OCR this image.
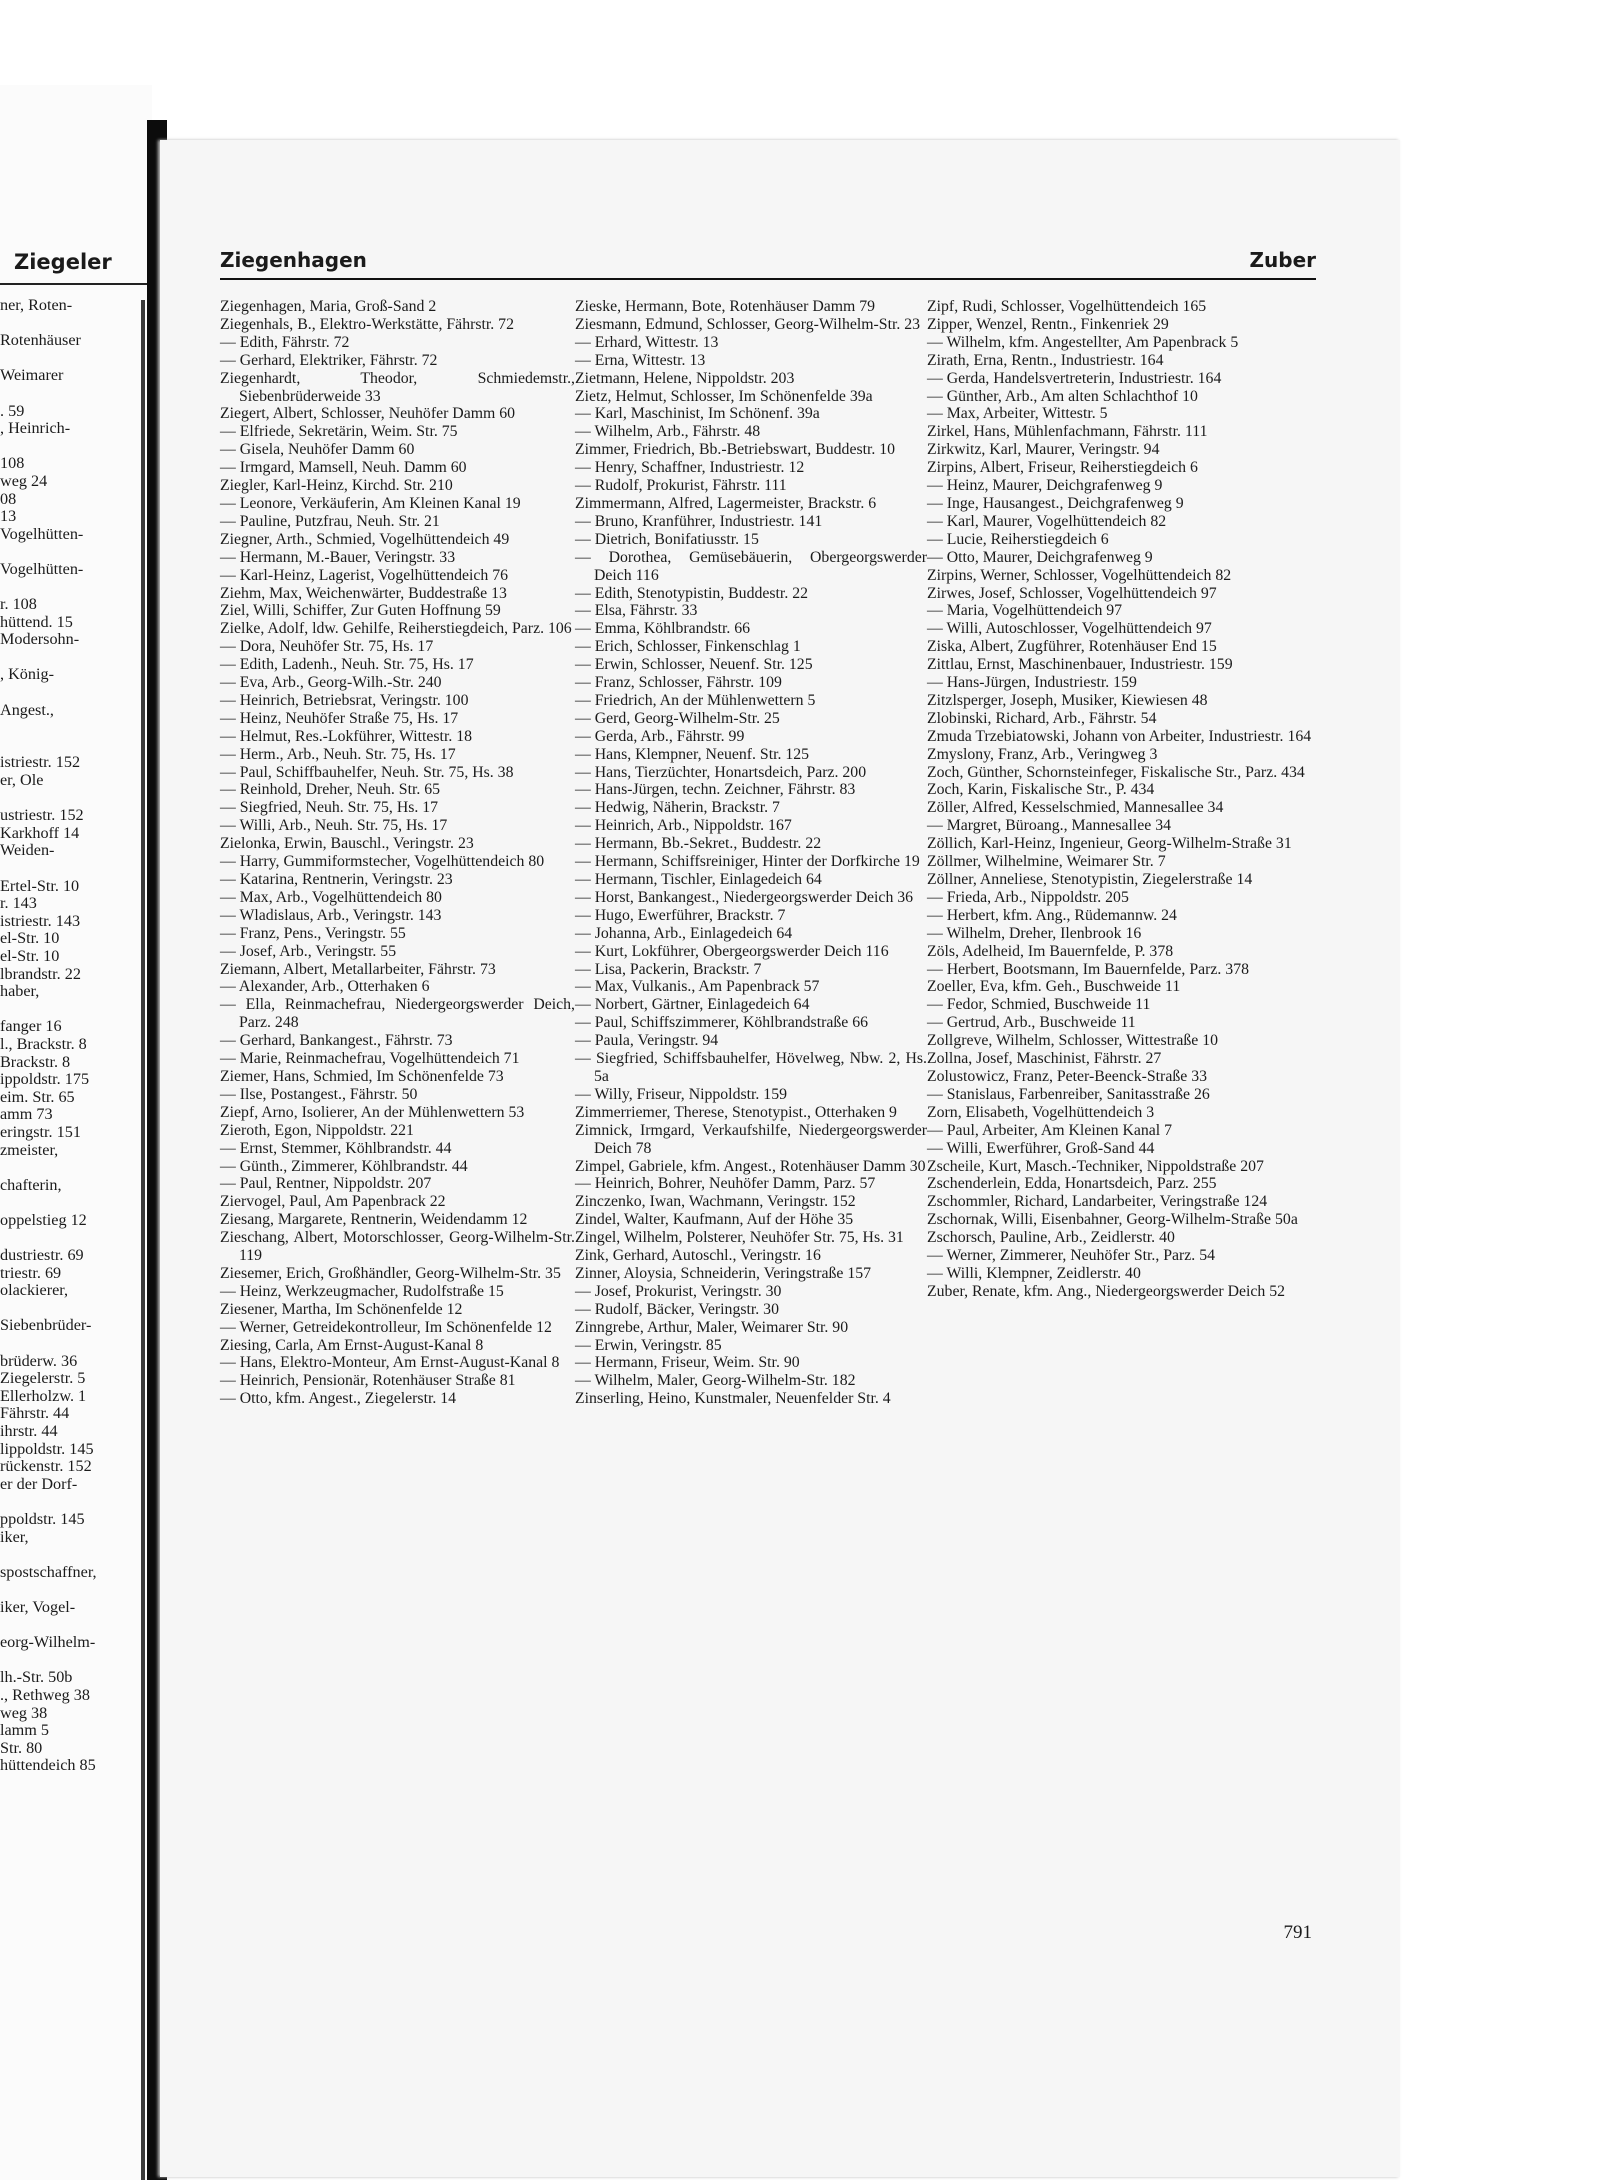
Ziegeler
ner, Roten-
Rotenhäuser
Weimarer
. 59
, Heinrich-
108
weg 24
08
13
Vogelhütten-
Vogelhütten-
r. 108
hüttend. 15
Modersohn-
, König-
Angest.,
istriestr. 152
er, Ole
ustriestr. 152
Karkhoff 14
Weiden-
Ertel-Str. 10
r. 143
istriestr. 143
el-Str. 10
el-Str. 10
lbrandstr. 22
haber,
fanger 16
l., Brackstr. 8
Brackstr. 8
ippoldstr. 175
eim. Str. 65
amm 73
eringstr. 151
zmeister,
chafterin,
oppelstieg 12
dustriestr. 69
triestr. 69
olackierer,
Siebenbrüder-
brüderw. 36
Ziegelerstr. 5
Ellerholzw. 1
Fährstr. 44
ihrstr. 44
lippoldstr. 145
rückenstr. 152
er der Dorf-
ppoldstr. 145
iker,
spostschaffner,
iker, Vogel-
eorg-Wilhelm-
lh.-Str. 50b
., Rethweg 38
weg 38
lamm 5
Str. 80
hüttendeich 85
Ziegenhagen	Zuber
Ziegenhagen, Maria, Groß-Sand 2
Ziegenhals, B., Elektro-Werkstätte, Fährstr. 72
— Edith, Fährstr. 72
— Gerhard, Elektriker, Fährstr. 72
Ziegenhardt, Theodor, Schmiedemstr., Siebenbrüderweide 33
Ziegert, Albert, Schlosser, Neuhöfer Damm 60
— Elfriede, Sekretärin, Weim. Str. 75
— Gisela, Neuhöfer Damm 60
— Irmgard, Mamsell, Neuh. Damm 60
Ziegler, Karl-Heinz, Kirchd. Str. 210
— Leonore, Verkäuferin, Am Kleinen Kanal 19
— Pauline, Putzfrau, Neuh. Str. 21
Ziegner, Arth., Schmied, Vogelhüttendeich 49
— Hermann, M.-Bauer, Veringstr. 33
— Karl-Heinz, Lagerist, Vogelhüttendeich 76
Ziehm, Max, Weichenwärter, Buddestraße 13
Ziel, Willi, Schiffer, Zur Guten Hoffnung 59
Zielke, Adolf, ldw. Gehilfe, Reiherstiegdeich, Parz. 106
— Dora, Neuhöfer Str. 75, Hs. 17
— Edith, Ladenh., Neuh. Str. 75, Hs. 17
— Eva, Arb., Georg-Wilh.-Str. 240
— Heinrich, Betriebsrat, Veringstr. 100
— Heinz, Neuhöfer Straße 75, Hs. 17
— Helmut, Res.-Lokführer, Wittestr. 18
— Herm., Arb., Neuh. Str. 75, Hs. 17
— Paul, Schiffbauhelfer, Neuh. Str. 75, Hs. 38
— Reinhold, Dreher, Neuh. Str. 65
— Siegfried, Neuh. Str. 75, Hs. 17
— Willi, Arb., Neuh. Str. 75, Hs. 17
Zielonka, Erwin, Bauschl., Veringstr. 23
— Harry, Gummiformstecher, Vogelhüttendeich 80
— Katarina, Rentnerin, Veringstr. 23
— Max, Arb., Vogelhüttendeich 80
— Wladislaus, Arb., Veringstr. 143
— Franz, Pens., Veringstr. 55
— Josef, Arb., Veringstr. 55
Ziemann, Albert, Metallarbeiter, Fährstr. 73
— Alexander, Arb., Otterhaken 6
— Ella, Reinmachefrau, Niedergeorgswerder Deich, Parz. 248
— Gerhard, Bankangest., Fährstr. 73
— Marie, Reinmachefrau, Vogelhüttendeich 71
Ziemer, Hans, Schmied, Im Schönenfelde 73
— Ilse, Postangest., Fährstr. 50
Ziepf, Arno, Isolierer, An der Mühlenwettern 53
Zieroth, Egon, Nippoldstr. 221
— Ernst, Stemmer, Köhlbrandstr. 44
— Günth., Zimmerer, Köhlbrandstr. 44
— Paul, Rentner, Nippoldstr. 207
Ziervogel, Paul, Am Papenbrack 22
Ziesang, Margarete, Rentnerin, Weidendamm 12
Zieschang, Albert, Motorschlosser, Georg-Wilhelm-Str. 119
Ziesemer, Erich, Großhändler, Georg-Wilhelm-Str. 35
— Heinz, Werkzeugmacher, Rudolfstraße 15
Ziesener, Martha, Im Schönenfelde 12
— Werner, Getreidekontrolleur, Im Schönenfelde 12
Ziesing, Carla, Am Ernst-August-Kanal 8
— Hans, Elektro-Monteur, Am Ernst-August-Kanal 8
— Heinrich, Pensionär, Rotenhäuser Straße 81
— Otto, kfm. Angest., Ziegelerstr. 14
Zieske, Hermann, Bote, Rotenhäuser Damm 79
Ziesmann, Edmund, Schlosser, Georg-Wilhelm-Str. 23
— Erhard, Wittestr. 13
— Erna, Wittestr. 13
Zietmann, Helene, Nippoldstr. 203
Zietz, Helmut, Schlosser, Im Schönenfelde 39a
— Karl, Maschinist, Im Schönenf. 39a
— Wilhelm, Arb., Fährstr. 48
Zimmer, Friedrich, Bb.-Betriebswart, Buddestr. 10
— Henry, Schaffner, Industriestr. 12
— Rudolf, Prokurist, Fährstr. 111
Zimmermann, Alfred, Lagermeister, Brackstr. 6
— Bruno, Kranführer, Industriestr. 141
— Dietrich, Bonifatiusstr. 15
— Dorothea, Gemüsebäuerin, Obergeorgswerder Deich 116
— Edith, Stenotypistin, Buddestr. 22
— Elsa, Fährstr. 33
— Emma, Köhlbrandstr. 66
— Erich, Schlosser, Finkenschlag 1
— Erwin, Schlosser, Neuenf. Str. 125
— Franz, Schlosser, Fährstr. 109
— Friedrich, An der Mühlenwettern 5
— Gerd, Georg-Wilhelm-Str. 25
— Gerda, Arb., Fährstr. 99
— Hans, Klempner, Neuenf. Str. 125
— Hans, Tierzüchter, Honartsdeich, Parz. 200
— Hans-Jürgen, techn. Zeichner, Fährstr. 83
— Hedwig, Näherin, Brackstr. 7
— Heinrich, Arb., Nippoldstr. 167
— Hermann, Bb.-Sekret., Buddestr. 22
— Hermann, Schiffsreiniger, Hinter der Dorfkirche 19
— Hermann, Tischler, Einlagedeich 64
— Horst, Bankangest., Niedergeorgswerder Deich 36
— Hugo, Ewerführer, Brackstr. 7
— Johanna, Arb., Einlagedeich 64
— Kurt, Lokführer, Obergeorgswerder Deich 116
— Lisa, Packerin, Brackstr. 7
— Max, Vulkanis., Am Papenbrack 57
— Norbert, Gärtner, Einlagedeich 64
— Paul, Schiffszimmerer, Köhlbrandstraße 66
— Paula, Veringstr. 94
— Siegfried, Schiffsbauhelfer, Hövelweg, Nbw. 2, Hs. 5a
— Willy, Friseur, Nippoldstr. 159
Zimmerriemer, Therese, Stenotypist., Otterhaken 9
Zimnick, Irmgard, Verkaufshilfe, Niedergeorgswerder Deich 78
Zimpel, Gabriele, kfm. Angest., Rotenhäuser Damm 30
— Heinrich, Bohrer, Neuhöfer Damm, Parz. 57
Zinczenko, Iwan, Wachmann, Veringstr. 152
Zindel, Walter, Kaufmann, Auf der Höhe 35
Zingel, Wilhelm, Polsterer, Neuhöfer Str. 75, Hs. 31
Zink, Gerhard, Autoschl., Veringstr. 16
Zinner, Aloysia, Schneiderin, Veringstraße 157
— Josef, Prokurist, Veringstr. 30
— Rudolf, Bäcker, Veringstr. 30
Zinngrebe, Arthur, Maler, Weimarer Str. 90
— Erwin, Veringstr. 85
— Hermann, Friseur, Weim. Str. 90
— Wilhelm, Maler, Georg-Wilhelm-Str. 182
Zinserling, Heino, Kunstmaler, Neuenfelder Str. 4
Zipf, Rudi, Schlosser, Vogelhüttendeich 165
Zipper, Wenzel, Rentn., Finkenriek 29
— Wilhelm, kfm. Angestellter, Am Papenbrack 5
Zirath, Erna, Rentn., Industriestr. 164
— Gerda, Handelsvertreterin, Industriestr. 164
— Günther, Arb., Am alten Schlachthof 10
— Max, Arbeiter, Wittestr. 5
Zirkel, Hans, Mühlenfachmann, Fährstr. 111
Zirkwitz, Karl, Maurer, Veringstr. 94
Zirpins, Albert, Friseur, Reiherstiegdeich 6
— Heinz, Maurer, Deichgrafenweg 9
— Inge, Hausangest., Deichgrafenweg 9
— Karl, Maurer, Vogelhüttendeich 82
— Lucie, Reiherstiegdeich 6
— Otto, Maurer, Deichgrafenweg 9
Zirpins, Werner, Schlosser, Vogelhüttendeich 82
Zirwes, Josef, Schlosser, Vogelhüttendeich 97
— Maria, Vogelhüttendeich 97
— Willi, Autoschlosser, Vogelhüttendeich 97
Ziska, Albert, Zugführer, Rotenhäuser End 15
Zittlau, Ernst, Maschinenbauer, Industriestr. 159
— Hans-Jürgen, Industriestr. 159
Zitzlsperger, Joseph, Musiker, Kiewiesen 48
Zlobinski, Richard, Arb., Fährstr. 54
Zmuda Trzebiatowski, Johann von Arbeiter, Industriestr. 164
Zmyslony, Franz, Arb., Veringweg 3
Zoch, Günther, Schornsteinfeger, Fiskalische Str., Parz. 434
Zoch, Karin, Fiskalische Str., P. 434
Zöller, Alfred, Kesselschmied, Mannesallee 34
— Margret, Büroang., Mannesallee 34
Zöllich, Karl-Heinz, Ingenieur, Georg-Wilhelm-Straße 31
Zöllmer, Wilhelmine, Weimarer Str. 7
Zöllner, Anneliese, Stenotypistin, Ziegelerstraße 14
— Frieda, Arb., Nippoldstr. 205
— Herbert, kfm. Ang., Rüdemannw. 24
— Wilhelm, Dreher, Ilenbrook 16
Zöls, Adelheid, Im Bauernfelde, P. 378
— Herbert, Bootsmann, Im Bauernfelde, Parz. 378
Zoeller, Eva, kfm. Geh., Buschweide 11
— Fedor, Schmied, Buschweide 11
— Gertrud, Arb., Buschweide 11
Zollgreve, Wilhelm, Schlosser, Wittestraße 10
Zollna, Josef, Maschinist, Fährstr. 27
Zolustowicz, Franz, Peter-Beenck-Straße 33
— Stanislaus, Farbenreiber, Sanitasstraße 26
Zorn, Elisabeth, Vogelhüttendeich 3
— Paul, Arbeiter, Am Kleinen Kanal 7
— Willi, Ewerführer, Groß-Sand 44
Zscheile, Kurt, Masch.-Techniker, Nippoldstraße 207
Zschenderlein, Edda, Honartsdeich, Parz. 255
Zschommler, Richard, Landarbeiter, Veringstraße 124
Zschornak, Willi, Eisenbahner, Georg-Wilhelm-Straße 50a
Zschorsch, Pauline, Arb., Zeidlerstr. 40
— Werner, Zimmerer, Neuhöfer Str., Parz. 54
— Willi, Klempner, Zeidlerstr. 40
Zuber, Renate, kfm. Ang., Niedergeorgswerder Deich 52
791
